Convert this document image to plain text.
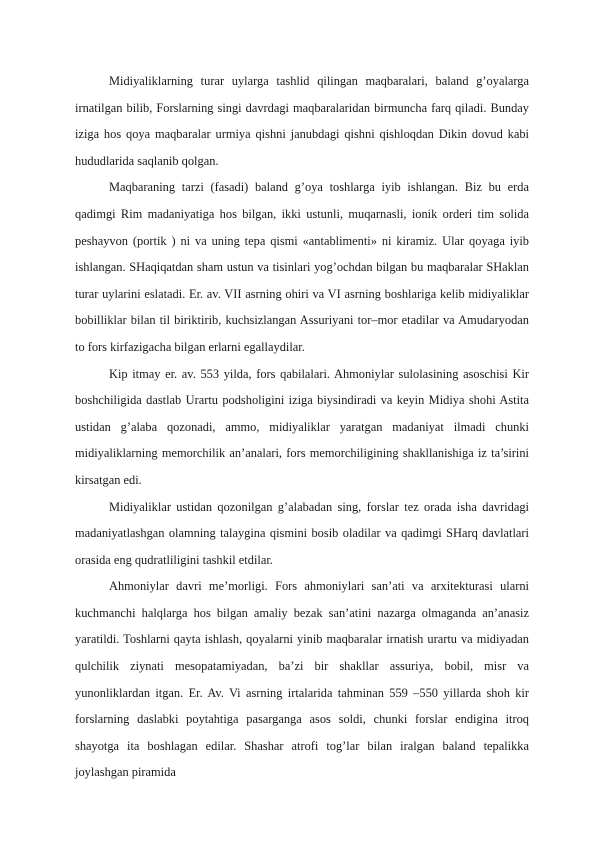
Midiyaliklarning turar uylarga tashlid qilingan maqbaralari, baland g’oyalarga irnatilgan bilib, Forslarning singi davrdagi maqbaralaridan birmuncha farq qiladi. Bunday iziga hos qoya maqbaralar urmiya qishni janubdagi qishni qishloqdan Dikin dovud kabi hududlarida saqlanib qolgan.

Maqbaraning tarzi (fasadi) baland g’oya toshlarga iyib ishlangan. Biz bu erda qadimgi Rim madaniyatiga hos bilgan, ikki ustunli, muqarnasli, ionik orderi tim solida peshayvon (portik ) ni va uning tepa qismi «antablimenti» ni kiramiz. Ular qoyaga iyib ishlangan. SHaqiqatdan sham ustun va tisinlari yog’ochdan bilgan bu maqbaralar SHaklan turar uylarini eslatadi. Er. av. VII asrning ohiri va VI asrning boshlariga kelib midiyaliklar bobilliklar bilan til biriktirib, kuchsizlangan Assuriyani tor–mor etadilar va Amudaryodan to fors kirfazigacha bilgan erlarni egallaydilar.

Kip itmay er. av. 553 yilda, fors qabilalari. Ahmoniylar sulolasining asoschisi Kir boshchiligida dastlab Urartu podsholigini iziga biysindiradi va keyin Midiya shohi Astita ustidan g’alaba qozonadi, ammo, midiyaliklar yaratgan madaniyat ilmadi chunki midiyaliklarning memorchilik an’analari, fors memorchiligining shakllanishiga iz ta’sirini kirsatgan edi.

Midiyaliklar ustidan qozonilgan g’alabadan sing, forslar tez orada isha davridagi madaniyatlashgan olamning talaygina qismini bosib oladilar va qadimgi SHarq davlatlari orasida eng qudratliligini tashkil etdilar.

Ahmoniylar davri me’morligi. Fors ahmoniylari san’ati va arxitekturasi ularni kuchmanchi halqlarga hos bilgan amaliy bezak san’atini nazarga olmaganda an’anasiz yaratildi. Toshlarni qayta ishlash, qoyalarni yinib maqbaralar irnatish urartu va midiyadan qulchilik ziynati mesopatamiyadan, ba’zi bir shakllar assuriya, bobil, misr va yunonliklardan itgan. Er. Av. Vi asrning irtalarida tahminan 559 –550 yillarda shoh kir forslarning daslabki poytahtiga pasarganga asos soldi, chunki forslar endigina itroq shayotga ita boshlagan edilar. Shashar atrofi tog’lar bilan iralgan baland tepalikka joylashgan piramida
